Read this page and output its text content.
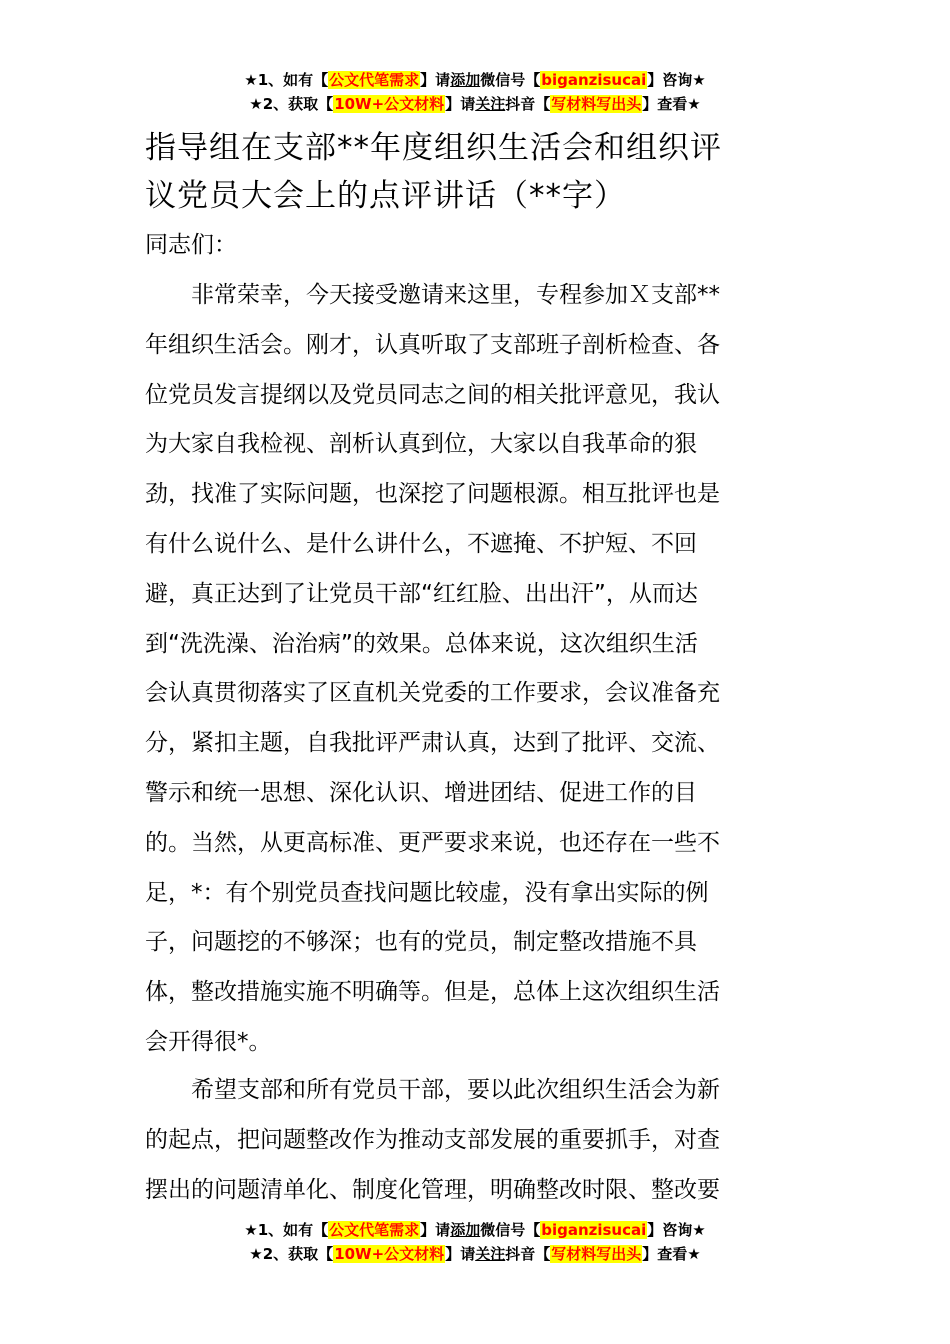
★1、如有【公文代笔需求】请添加微信号【biganzisucai】咨询★
★2、获取【10W+公文材料】请关注抖音【写材料写出头】查看★
指导组在支部**年度组织生活会和组织评
议党员大会上的点评讲话（**字）
同志们：
　　非常荣幸，今天接受邀请来这里，专程参加Ｘ支部**
年组织生活会。刚才，认真听取了支部班子剖析检查、各
位党员发言提纲以及党员同志之间的相关批评意见，我认
为大家自我检视、剖析认真到位，大家以自我革命的狠
劲，找准了实际问题，也深挖了问题根源。相互批评也是
有什么说什么、是什么讲什么，不遮掩、不护短、不回
避，真正达到了让党员干部“红红脸、出出汗”，从而达
到“洗洗澡、治治病”的效果。总体来说，这次组织生活
会认真贯彻落实了区直机关党委的工作要求，会议准备充
分，紧扣主题，自我批评严肃认真，达到了批评、交流、
警示和统一思想、深化认识、增进团结、促进工作的目
的。当然，从更高标准、更严要求来说，也还存在一些不
足，*：有个别党员查找问题比较虚，没有拿出实际的例
子，问题挖的不够深；也有的党员，制定整改措施不具
体，整改措施实施不明确等。但是，总体上这次组织生活
会开得很*。
　　希望支部和所有党员干部，要以此次组织生活会为新
的起点，把问题整改作为推动支部发展的重要抓手，对查
摆出的问题清单化、制度化管理，明确整改时限、整改要
★1、如有【公文代笔需求】请添加微信号【biganzisucai】咨询★
★2、获取【10W+公文材料】请关注抖音【写材料写出头】查看★
